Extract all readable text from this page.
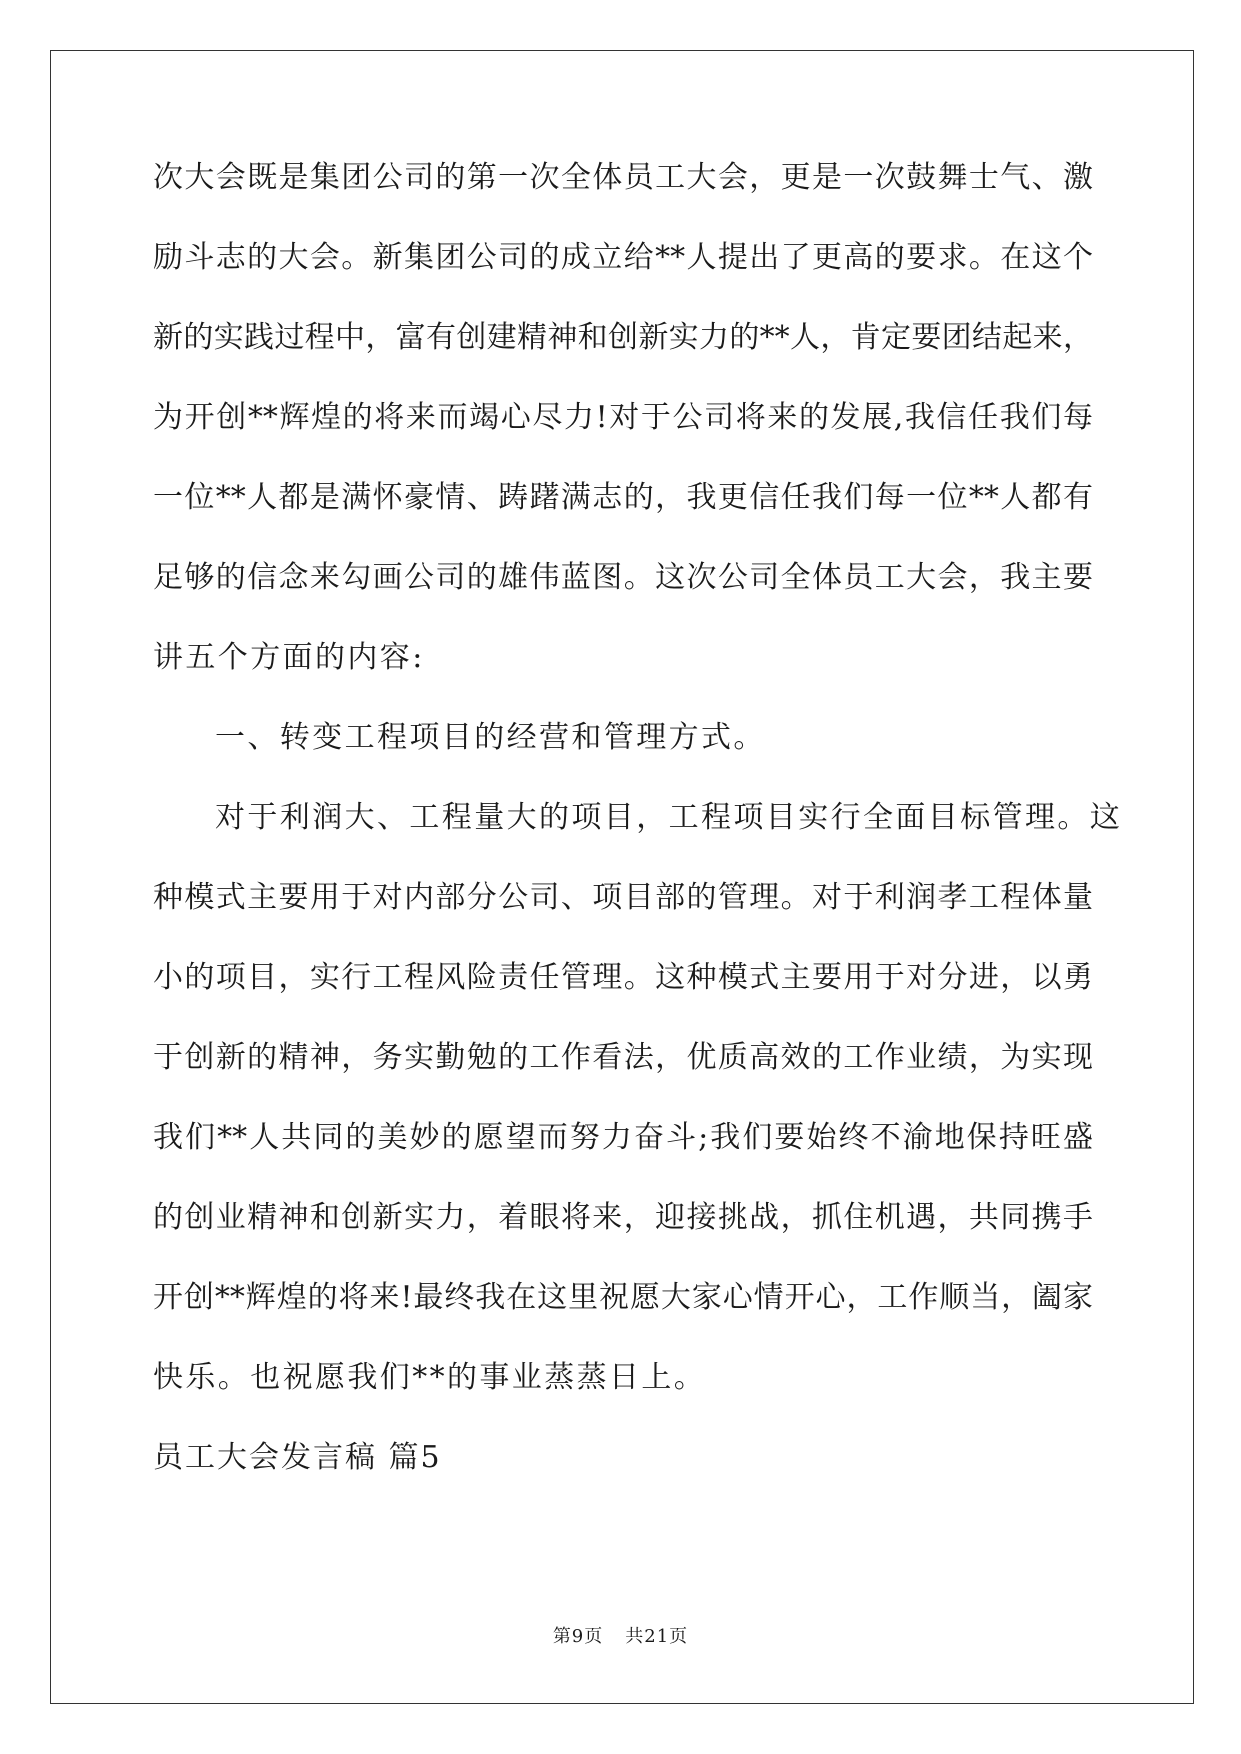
次大会既是集团公司的第一次全体员工大会，更是一次鼓舞士气、激
励斗志的大会。新集团公司的成立给**人提出了更高的要求。在这个
新的实践过程中，富有创建精神和创新实力的**人，肯定要团结起来，
为开创**辉煌的将来而竭心尽力!对于公司将来的发展,我信任我们每
一位**人都是满怀豪情、踌躇满志的，我更信任我们每一位**人都有
足够的信念来勾画公司的雄伟蓝图。这次公司全体员工大会，我主要
讲五个方面的内容:
一、转变工程项目的经营和管理方式。
对于利润大、工程量大的项目，工程项目实行全面目标管理。这
种模式主要用于对内部分公司、项目部的管理。对于利润孝工程体量
小的项目，实行工程风险责任管理。这种模式主要用于对分进，以勇
于创新的精神，务实勤勉的工作看法，优质高效的工作业绩，为实现
我们**人共同的美妙的愿望而努力奋斗;我们要始终不渝地保持旺盛
的创业精神和创新实力，着眼将来，迎接挑战，抓住机遇，共同携手
开创**辉煌的将来!最终我在这里祝愿大家心情开心，工作顺当，阖家
快乐。也祝愿我们**的事业蒸蒸日上。
员工大会发言稿 篇5
第9页 共21页
